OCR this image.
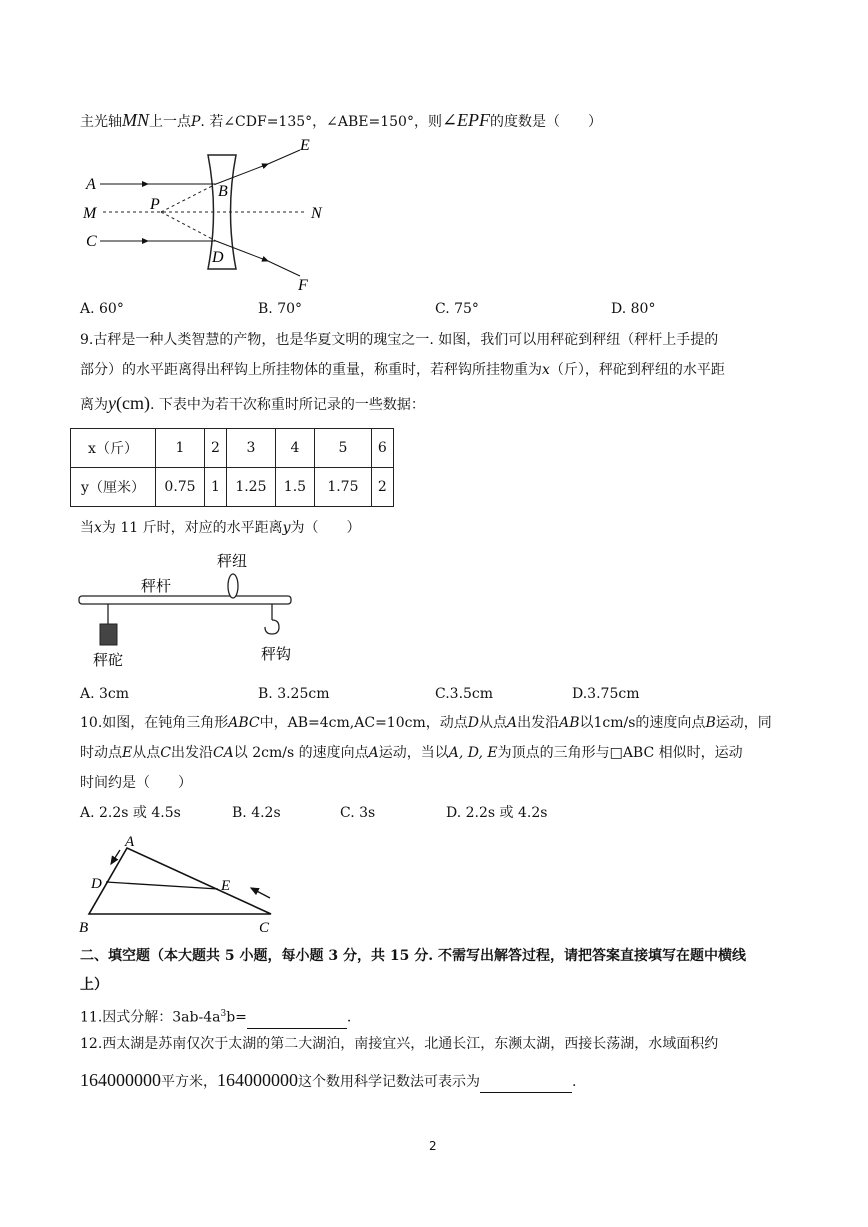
主光轴MN上一点P. 若∠CDF=135°，∠ABE=150°，则∠EPF的度数是（　　）
A	B
C
D
E
F
M	N
P
A. 60°	B. 70°	C. 75°	D. 80°
9.古秤是一种人类智慧的产物，也是华夏文明的瑰宝之一. 如图，我们可以用秤砣到秤纽（秤杆上手提的
部分）的水平距离得出秤钩上所挂物体的重量，称重时，若秤钩所挂物重为x（斤），秤砣到秤纽的水平距
离为y(cm). 下表中为若干次称重时所记录的一些数据：
x（斤）	1	2	3	4	5	6
y（厘米）	0.75	1	1.25	1.5	1.75	2
当x为 11 斤时，对应的水平距离y为（　　）
秤杆
秤纽
秤砣	秤钩
A. 3cm	B. 3.25cm	C.3.5cm	D.3.75cm
10.如图，在钝角三角形ABC中，AB=4cm,AC=10cm，动点D从点A出发沿AB以1cm/s的速度向点B运动，同
时动点E从点C出发沿CA以 2cm/s 的速度向点A运动，当以A, D, E为顶点的三角形与□ABC 相似时，运动
时间约是（　　）
A. 2.2s 或 4.5s	B. 4.2s	C. 3s	D. 2.2s 或 4.2s
A
B	C
D	E
二、填空题（本大题共 5 小题，每小题 3 分，共 15 分. 不需写出解答过程，请把答案直接填写在题中横线
上）
11.因式分解：$3ab-4a^3b=$	.
12.西太湖是苏南仅次于太湖的第二大湖泊，南接宜兴，北通长江，东濒太湖，西接长荡湖，水域面积约
164000000平方米，164000000这个数用科学记数法可表示为	.
2
